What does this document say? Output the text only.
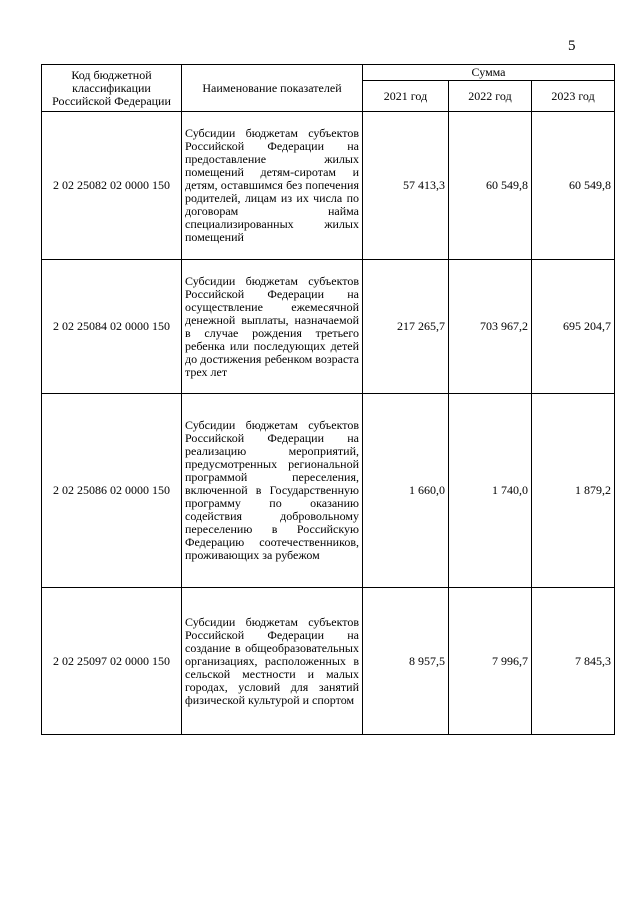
5
Код бюджетной классификации Российской Федерации	Наименование показателей	Сумма		
		2021 год	2022 год	2023 год
2 02 25082 02 0000 150	Субсидии бюджетам субъектов Российской Федерации на предоставление жилых помещений детям-сиротам и детям, оставшимся без попечения родителей, лицам из их числа по договорам найма специализированных жилых помещений	57 413,3	60 549,8	60 549,8
2 02 25084 02 0000 150	Субсидии бюджетам субъектов Российской Федерации на осуществление ежемесячной денежной выплаты, назначаемой в случае рождения третьего ребенка или последующих детей до достижения ребенком возраста трех лет	217 265,7	703 967,2	695 204,7
2 02 25086 02 0000 150	Субсидии бюджетам субъектов Российской Федерации на реализацию мероприятий, предусмотренных региональной программой переселения, включенной в Государственную программу по оказанию содействия добровольному переселению в Российскую Федерацию соотечественников, проживающих за рубежом	1 660,0	1 740,0	1 879,2
2 02 25097 02 0000 150	Субсидии бюджетам субъектов Российской Федерации на создание в общеобразовательных организациях, расположенных в сельской местности и малых городах, условий для занятий физической культурой и спортом	8 957,5	7 996,7	7 845,3
